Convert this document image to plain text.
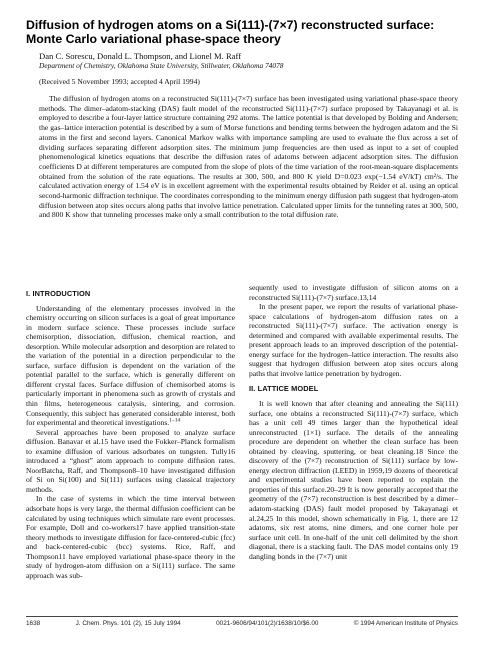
Diffusion of hydrogen atoms on a Si(111)-(7×7) reconstructed surface:
Monte Carlo variational phase-space theory
Dan C. Sorescu, Donald L. Thompson, and Lionel M. Raff
Department of Chemistry, Oklahoma State University, Stillwater, Oklahoma 74078
(Received 5 November 1993; accepted 4 April 1994)

The diffusion of hydrogen atoms on a reconstructed Si(111)-(7×7) surface has been investigated using variational phase-space theory methods. The dimer–adatom-stacking (DAS) fault model of the reconstructed Si(111)-(7×7) surface proposed by Takayanagi et al. is employed to describe a four-layer lattice structure containing 292 atoms. The lattice potential is that developed by Bolding and Andersen; the gas–lattice interaction potential is described by a sum of Morse functions and bending terms between the hydrogen adatom and the Si atoms in the first and second layers. Canonical Markov walks with importance sampling are used to evaluate the flux across a set of dividing surfaces separating different adsorption sites. The minimum jump frequencies are then used as input to a set of coupled phenomenological kinetics equations that describe the diffusion rates of adatoms between adjacent adsorption sites. The diffusion coefficients D at different temperatures are computed from the slope of plots of the time variation of the root-mean-square displacements obtained from the solution of the rate equations. The results at 300, 500, and 800 K yield D=0.023 exp(−1.54 eV/kT) cm²/s. The calculated activation energy of 1.54 eV is in excellent agreement with the experimental results obtained by Reider et al. using an optical second-harmonic diffraction technique. The coordinates corresponding to the minimum energy diffusion path suggest that hydrogen-atom diffusion between atop sites occurs along paths that involve lattice penetration. Calculated upper limits for the tunneling rates at 300, 500, and 800 K show that tunneling processes make only a small contribution to the total diffusion rate.

I. INTRODUCTION

Understanding of the elementary processes involved in the chemistry occurring on silicon surfaces is a goal of great importance in modern surface science. These processes include surface chemisorption, dissociation, diffusion, chemical reaction, and desorption. While molecular adsorption and desorption are related to the variation of the potential in a direction perpendicular to the surface, surface diffusion is dependent on the variation of the potential parallel to the surface, which is generally different on different crystal faces. Surface diffusion of chemisorbed atoms is particularly important in phenomena such as growth of crystals and thin films, heterogeneous catalysis, sintering, and corrosion. Consequently, this subject has generated considerable interest, both for experimental and theoretical investigations.$^{1-14}$

Several approaches have been proposed to analyze surface diffusion. Banavar et al.15 have used the Fokker–Planck formalism to examine diffusion of various adsorbates on tungsten. Tully16 introduced a “ghost” atom approach to compute diffusion rates. NoorBatcha, Raff, and Thompson8–10 have investigated diffusion of Si on Si(100) and Si(111) surfaces using classical trajectory methods.

In the case of systems in which the time interval between adsorbate hops is very large, the thermal diffusion coefficient can be calculated by using techniques which simulate rare event processes. For example, Doll and co-workers17 have applied transition-state theory methods to investigate diffusion for face-centered-cubic (fcc) and back-centered-cubic (bcc) systems. Rice, Raff, and Thompson11 have employed variational phase-space theory in the study of hydrogen-atom diffusion on a Si(111) surface. The same approach was sub-

sequently used to investigate diffusion of silicon atoms on a reconstructed Si(111)-(7×7) surface.13,14

In the present paper, we report the results of variational phase-space calculations of hydrogen-atom diffusion rates on a reconstructed Si(111)-(7×7) surface. The activation energy is determined and compared with available experimental results. The present approach leads to an improved description of the potential-energy surface for the hydrogen–lattice interaction. The results also suggest that hydrogen diffusion between atop sites occurs along paths that involve lattice penetration by hydrogen.

II. LATTICE MODEL

It is well known that after cleaning and annealing the Si(111) surface, one obtains a reconstructed Si(111)-(7×7) surface, which has a unit cell 49 times larger than the hypothetical ideal unreconstructed (1×1) surface. The details of the annealing procedure are dependent on whether the clean surface has been obtained by cleaving, sputtering, or heat cleaning.18 Since the discovery of the (7×7) reconstruction of Si(111) surface by low-energy electron diffraction (LEED) in 1959,19 dozens of theoretical and experimental studies have been reported to explain the properties of this surface.20–29 It is now generally accepted that the geometry of the (7×7) reconstruction is best described by a dimer–adatom-stacking (DAS) fault model proposed by Takayanagi et al.24,25 In this model, shown schematically in Fig. 1, there are 12 adatoms, six rest atoms, nine dimers, and one corner hole per surface unit cell. In one-half of the unit cell delimited by the short diagonal, there is a stacking fault. The DAS model contains only 19 dangling bonds in the (7×7) unit

1638	J. Chem. Phys. 101 (2), 15 July 1994	0021-9606/94/101(2)/1638/10/$6.00	© 1994 American Institute of Physics
